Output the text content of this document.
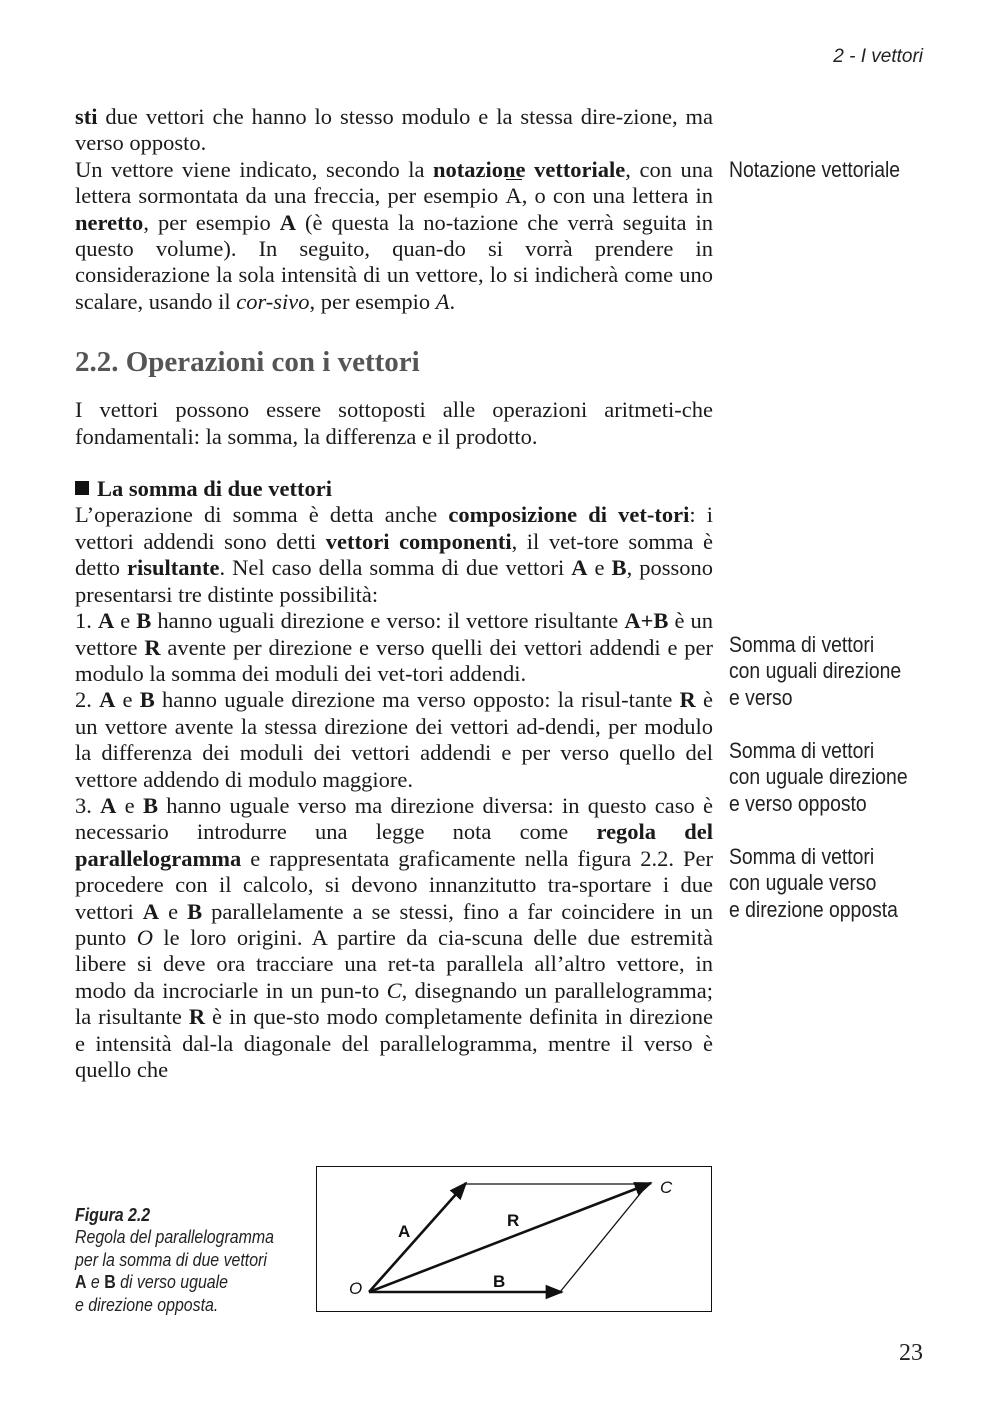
2 - I vettori

sti due vettori che hanno lo stesso modulo e la stessa dire-zione, ma verso opposto.

Un vettore viene indicato, secondo la notazione vettoriale, con una lettera sormontata da una freccia, per esempio A, o con una lettera in neretto, per esempio A (è questa la no-tazione che verrà seguita in questo volume). In seguito, quan-do si vorrà prendere in considerazione la sola intensità di un vettore, lo si indicherà come uno scalare, usando il cor-sivo, per esempio A.

2.2. Operazioni con i vettori

I vettori possono essere sottoposti alle operazioni aritmeti-che fondamentali: la somma, la differenza e il prodotto.

La somma di due vettori

L’operazione di somma è detta anche composizione di vet-tori: i vettori addendi sono detti vettori componenti, il vet-tore somma è detto risultante. Nel caso della somma di due vettori A e B, possono presentarsi tre distinte possibilità:

1. A e B hanno uguali direzione e verso: il vettore risultante A+B è un vettore R avente per direzione e verso quelli dei vettori addendi e per modulo la somma dei moduli dei vet-tori addendi.

2. A e B hanno uguale direzione ma verso opposto: la risul-tante R è un vettore avente la stessa direzione dei vettori ad-dendi, per modulo la differenza dei moduli dei vettori addendi e per verso quello del vettore addendo di modulo maggiore.

3. A e B hanno uguale verso ma direzione diversa: in questo caso è necessario introdurre una legge nota come regola del parallelogramma e rappresentata graficamente nella figura 2.2. Per procedere con il calcolo, si devono innanzitutto tra-sportare i due vettori A e B parallelamente a se stessi, fino a far coincidere in un punto O le loro origini. A partire da cia-scuna delle due estremità libere si deve ora tracciare una ret-ta parallela all’altro vettore, in modo da incrociarle in un pun-to C, disegnando un parallelogramma; la risultante R è in que-sto modo completamente definita in direzione e intensità dal-la diagonale del parallelogramma, mentre il verso è quello che

Notazione vettoriale
Somma di vettori
con uguali direzione
e verso
Somma di vettori
con uguale direzione
e verso opposto
Somma di vettori
con uguale verso
e direzione opposta
Figura 2.2
Regola del parallelogramma
per la somma di due vettori
A e B di verso uguale
e direzione opposta.
O
A
R
B
C
23
